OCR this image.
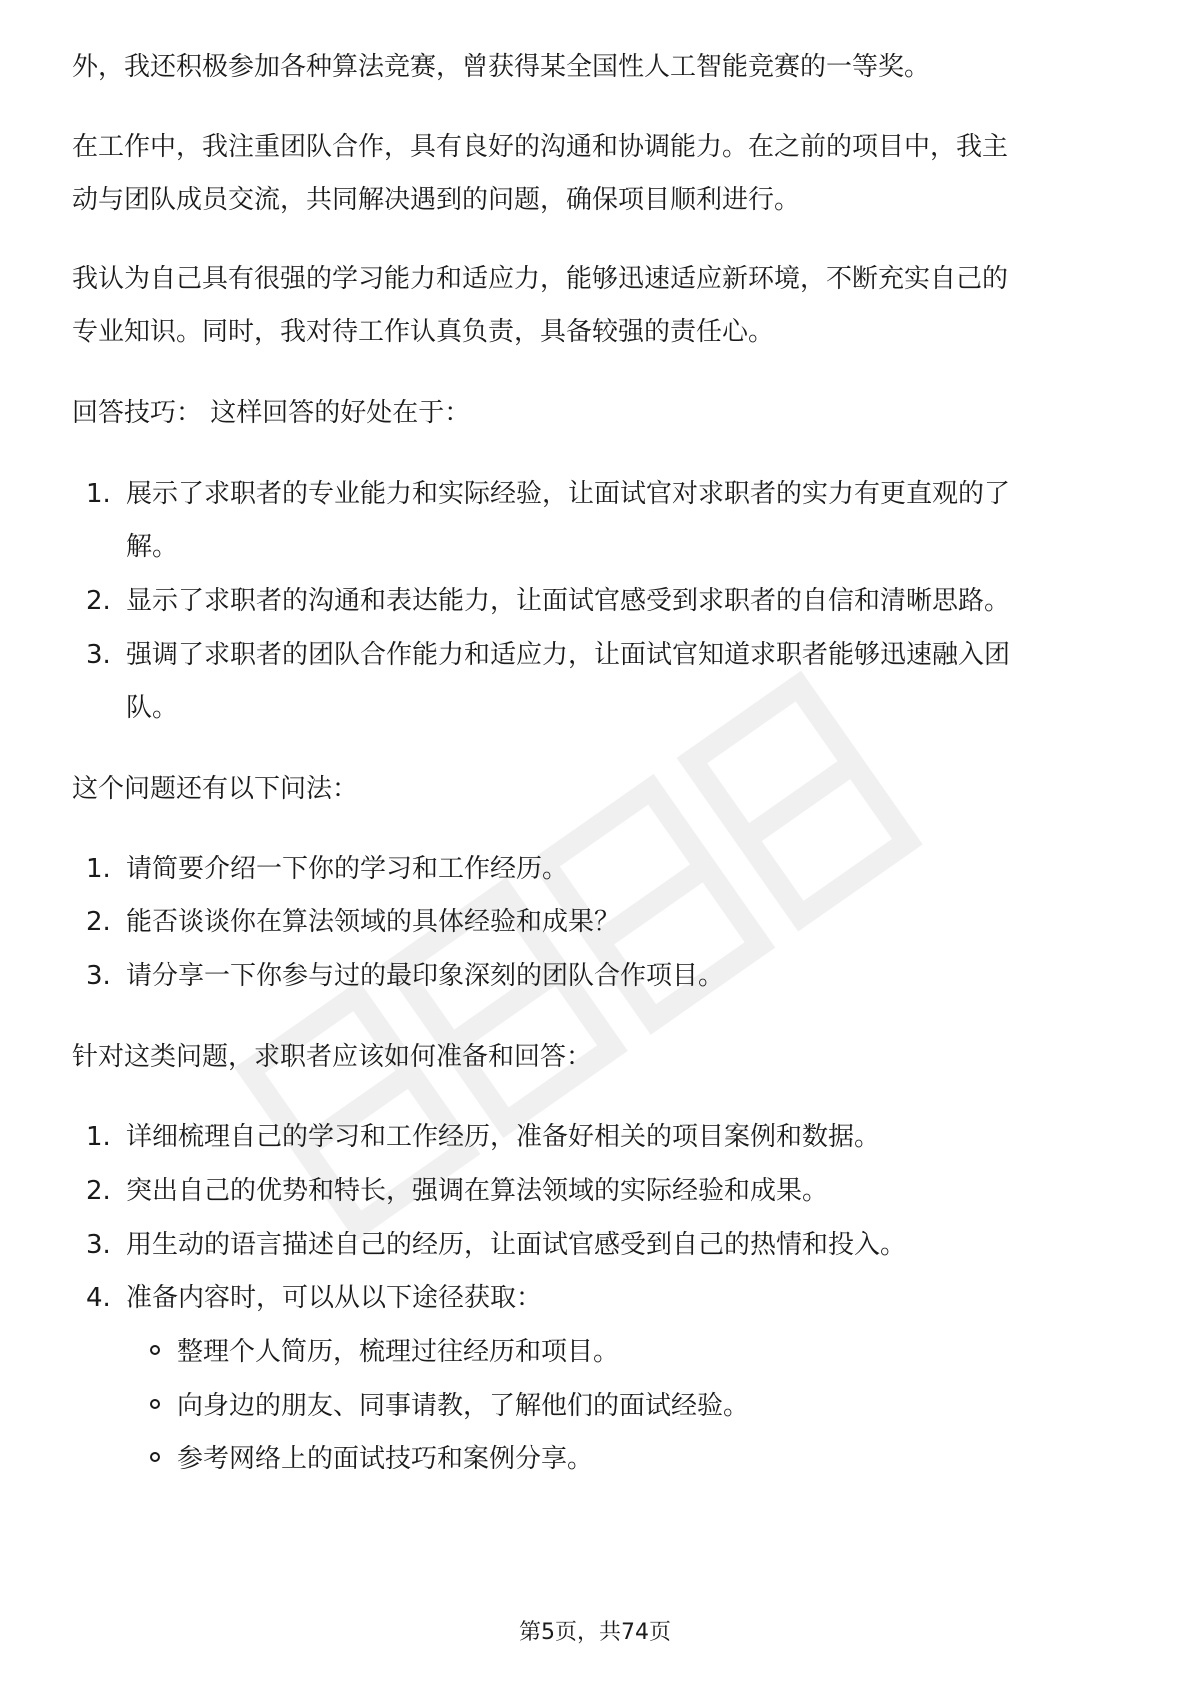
外，我还积极参加各种算法竞赛，曾获得某全国性人工智能竞赛的一等奖。

在工作中，我注重团队合作，具有良好的沟通和协调能力。在之前的项目中，我主

动与团队成员交流，共同解决遇到的问题，确保项目顺利进行。

我认为自己具有很强的学习能力和适应力，能够迅速适应新环境，不断充实自己的

专业知识。同时，我对待工作认真负责，具备较强的责任心。

回答技巧： 这样回答的好处在于：

1. 展示了求职者的专业能力和实际经验，让面试官对求职者的实力有更直观的了
解。
2. 显示了求职者的沟通和表达能力，让面试官感受到求职者的自信和清晰思路。
3. 强调了求职者的团队合作能力和适应力，让面试官知道求职者能够迅速融入团
队。

这个问题还有以下问法：

1. 请简要介绍一下你的学习和工作经历。
2. 能否谈谈你在算法领域的具体经验和成果？
3. 请分享一下你参与过的最印象深刻的团队合作项目。

针对这类问题，求职者应该如何准备和回答：

1. 详细梳理自己的学习和工作经历，准备好相关的项目案例和数据。
2. 突出自己的优势和特长，强调在算法领域的实际经验和成果。
3. 用生动的语言描述自己的经历，让面试官感受到自己的热情和投入。
4. 准备内容时，可以从以下途径获取：
整理个人简历，梳理过往经历和项目。
向身边的朋友、同事请教，了解他们的面试经验。
参考网络上的面试技巧和案例分享。
第5页，共74页
